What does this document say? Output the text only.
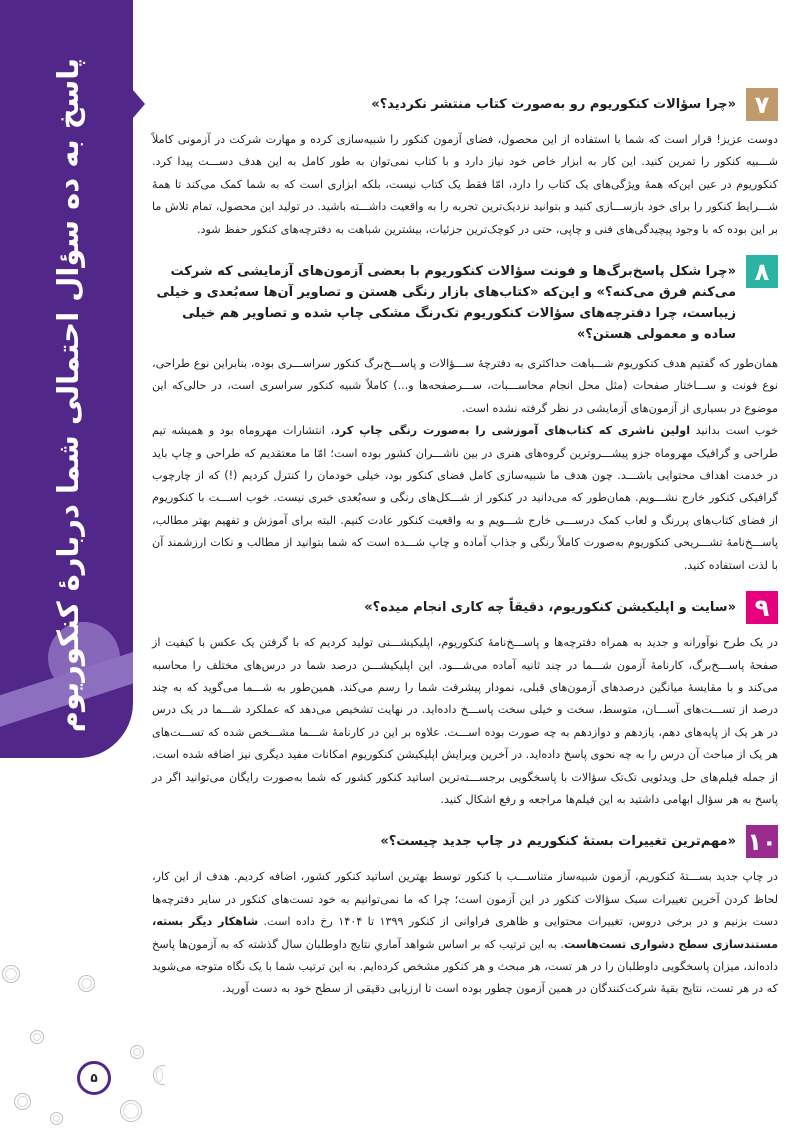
پاسخ به ده سؤال احتمالی شما دربارهٔ کنکوریوم	۷
«چرا سؤالات کنکوریوم رو به‌صورت کتاب منتشر نکردید؟»

دوست عزیز! قرار است که شما با استفاده از این محصول، فضای آزمون کنکور را شبیه‌سازی کرده و مهارت شرکت در آزمونی کاملاً شـــبیه کنکور را تمرین کنید. این کار به ابزار خاص خود نیاز دارد و با کتاب نمی‌توان به طور کامل به این هدف دســـت پیدا کرد. کنکوریوم در عین این‌که همهٔ ویژگی‌های یک کتاب را دارد، امّا فقط یک کتاب نیست، بلکه ابزاری است که به شما کمک می‌کند تا همهٔ شـــرایط کنکور را برای خود بازســـازی کنید و بتوانید نزدیک‌ترین تجربه را به واقعیت داشـــته باشید. در تولید این محصول، تمام تلاش ما بر این بوده که با وجود پیچیدگی‌های فنی و چاپی، حتی در کوچک‌ترین جزئیات، بیشترین شباهت به دفترچه‌های کنکور حفظ شود.

۸
«چرا شکل پاسخ‌برگ‌ها و فونت سؤالات کنکوریوم با بعضی آزمون‌های آزمایشی که شرکت می‌کنم فرق می‌کنه؟» و این‌که «کتاب‌های بازار رنگی هستن و تصاویر آن‌ها سه‌بُعدی و خیلی زیباست، چرا دفترچه‌های سؤالات کنکوریوم تک‌رنگ مشکی چاپ شده و تصاویر هم خیلی ساده و معمولی هستن؟»

همان‌طور که گفتیم هدف کنکوریوم شـــباهت حداکثری به دفترچهٔ ســـؤالات و پاســـخ‌برگ کنکور سراســـری بوده، بنابراین نوع طراحی، نوع فونت و ســـاختار صفحات (مثل محل انجام محاســـبات، ســـرصفحه‌ها و...) کاملاً شبیه کنکور سراسری است، در حالی‌که این موضوع در بسیاری از آزمون‌های آزمایشی در نظر گرفته نشده است.

خوب است بدانید اولین ناشری که کتاب‌های آموزشی را به‌صورت رنگی چاپ کرد، انتشارات مهروماه بود و همیشه تیم طراحی و گرافیک مهروماه جزو پیشـــروترین گروه‌های هنری در بین ناشـــران کشور بوده است؛ امّا ما معتقدیم که طراحی و چاپ باید در خدمت اهداف محتوایی باشـــد. چون هدف ما شبیه‌سازی کامل فضای کنکور بود، خیلی خودمان را کنترل کردیم (!) که از چارچوب گرافیکی کنکور خارج نشـــویم. همان‌طور که می‌دانید در کنکور از شـــکل‌های رنگی و سه‌بُعدی خبری نیست. خوب اســـت با کنکوریوم از فضای کتاب‌های پررنگ و لعاب کمک درســـی خارج شـــویم و به واقعیت کنکور عادت کنیم. البته برای آموزش و تفهیم بهتر مطالب، پاســـخ‌نامهٔ تشـــریحی کنکوریوم به‌صورت کاملاً رنگی و جذاب آماده و چاپ شـــده است که شما بتوانید از مطالب و نکات ارزشمند آن با لذت استفاده کنید.

۹
«سایت و اپلیکیشن کنکوریوم، دقیقاً چه کاری انجام میده؟»

در یک طرح نوآورانه و جدید به همراه دفترچه‌ها و پاســـخ‌نامهٔ کنکوریوم، اپلیکیشـــنی تولید کردیم که با گرفتن یک عکس با کیفیت از صفحهٔ پاســـخ‌برگ، کارنامهٔ آزمون شـــما در چند ثانیه آماده می‌شـــود. این اپلیکیشـــن درصد شما در درس‌های مختلف را محاسبه می‌کند و با مقایسهٔ میانگین درصدهای آزمون‌های قبلی، نمودار پیشرفت شما را رسم می‌کند. همین‌طور به شـــما می‌گوید که به چند درصد از تســـت‌های آســـان، متوسط، سخت و خیلی سخت پاســـخ داده‌اید. در نهایت تشخیص می‌دهد که عملکرد شـــما در یک درس در هر یک از پایه‌های دهم، یازدهم و دوازدهم به چه صورت بوده اســـت. علاوه بر این در کارنامهٔ شـــما مشـــخص شده که تســـت‌های هر یک از مباحث آن درس را به چه نحوی پاسخ داده‌اید. در آخرین ویرایش اپلیکیشن کنکوریوم امکانات مفید دیگری نیز اضافه شده است. از جمله فیلم‌های حل ویدئویی تک‌تک سؤالات با پاسخگویی برجســـته‌ترین اساتید کنکور کشور که شما به‌صورت رایگان می‌توانید اگر در پاسخ به هر سؤال ابهامی داشتید به این فیلم‌ها مراجعه و رفع اشکال کنید.

۱۰
«مهم‌ترین تغییرات بستهٔ کنکوریم در چاپ جدید چیست؟»

در چاپ جدید بســـتهٔ کنکوریم، آزمون شبیه‌ساز متناســـب با کنکور توسط بهترین اساتید کنکور کشور، اضافه کردیم. هدف از این کار، لحاظ کردن آخرین تغییرات سبک سؤالات کنکور در این آزمون است؛ چرا که ما نمی‌توانیم به خود تست‌های کنکور در سایر دفترچه‌ها دست بزنیم و در برخی دروس، تغییرات محتوایی و ظاهری فراوانی از کنکور ۱۳۹۹ تا ۱۴۰۴ رخ داده است. شاهکار دیگر بسته، مستندسازی سطح دشواری تست‌هاست. به این ترتیب که بر اساس شواهد آماریِ نتایج داوطلبان سال گذشته که به آزمون‌ها پاسخ داده‌اند، میزان پاسخگویی داوطلبان را در هر تست، هر مبحث و هر کنکور مشخص کرده‌ایم. به این ترتیب شما با یک نگاه متوجه می‌شوید که در هر تست، نتایج بقیهٔ شرکت‌کنندگان در همین آزمون چطور بوده است تا ارزیابی دقیقی از سطح خود به دست آورید.

۵
